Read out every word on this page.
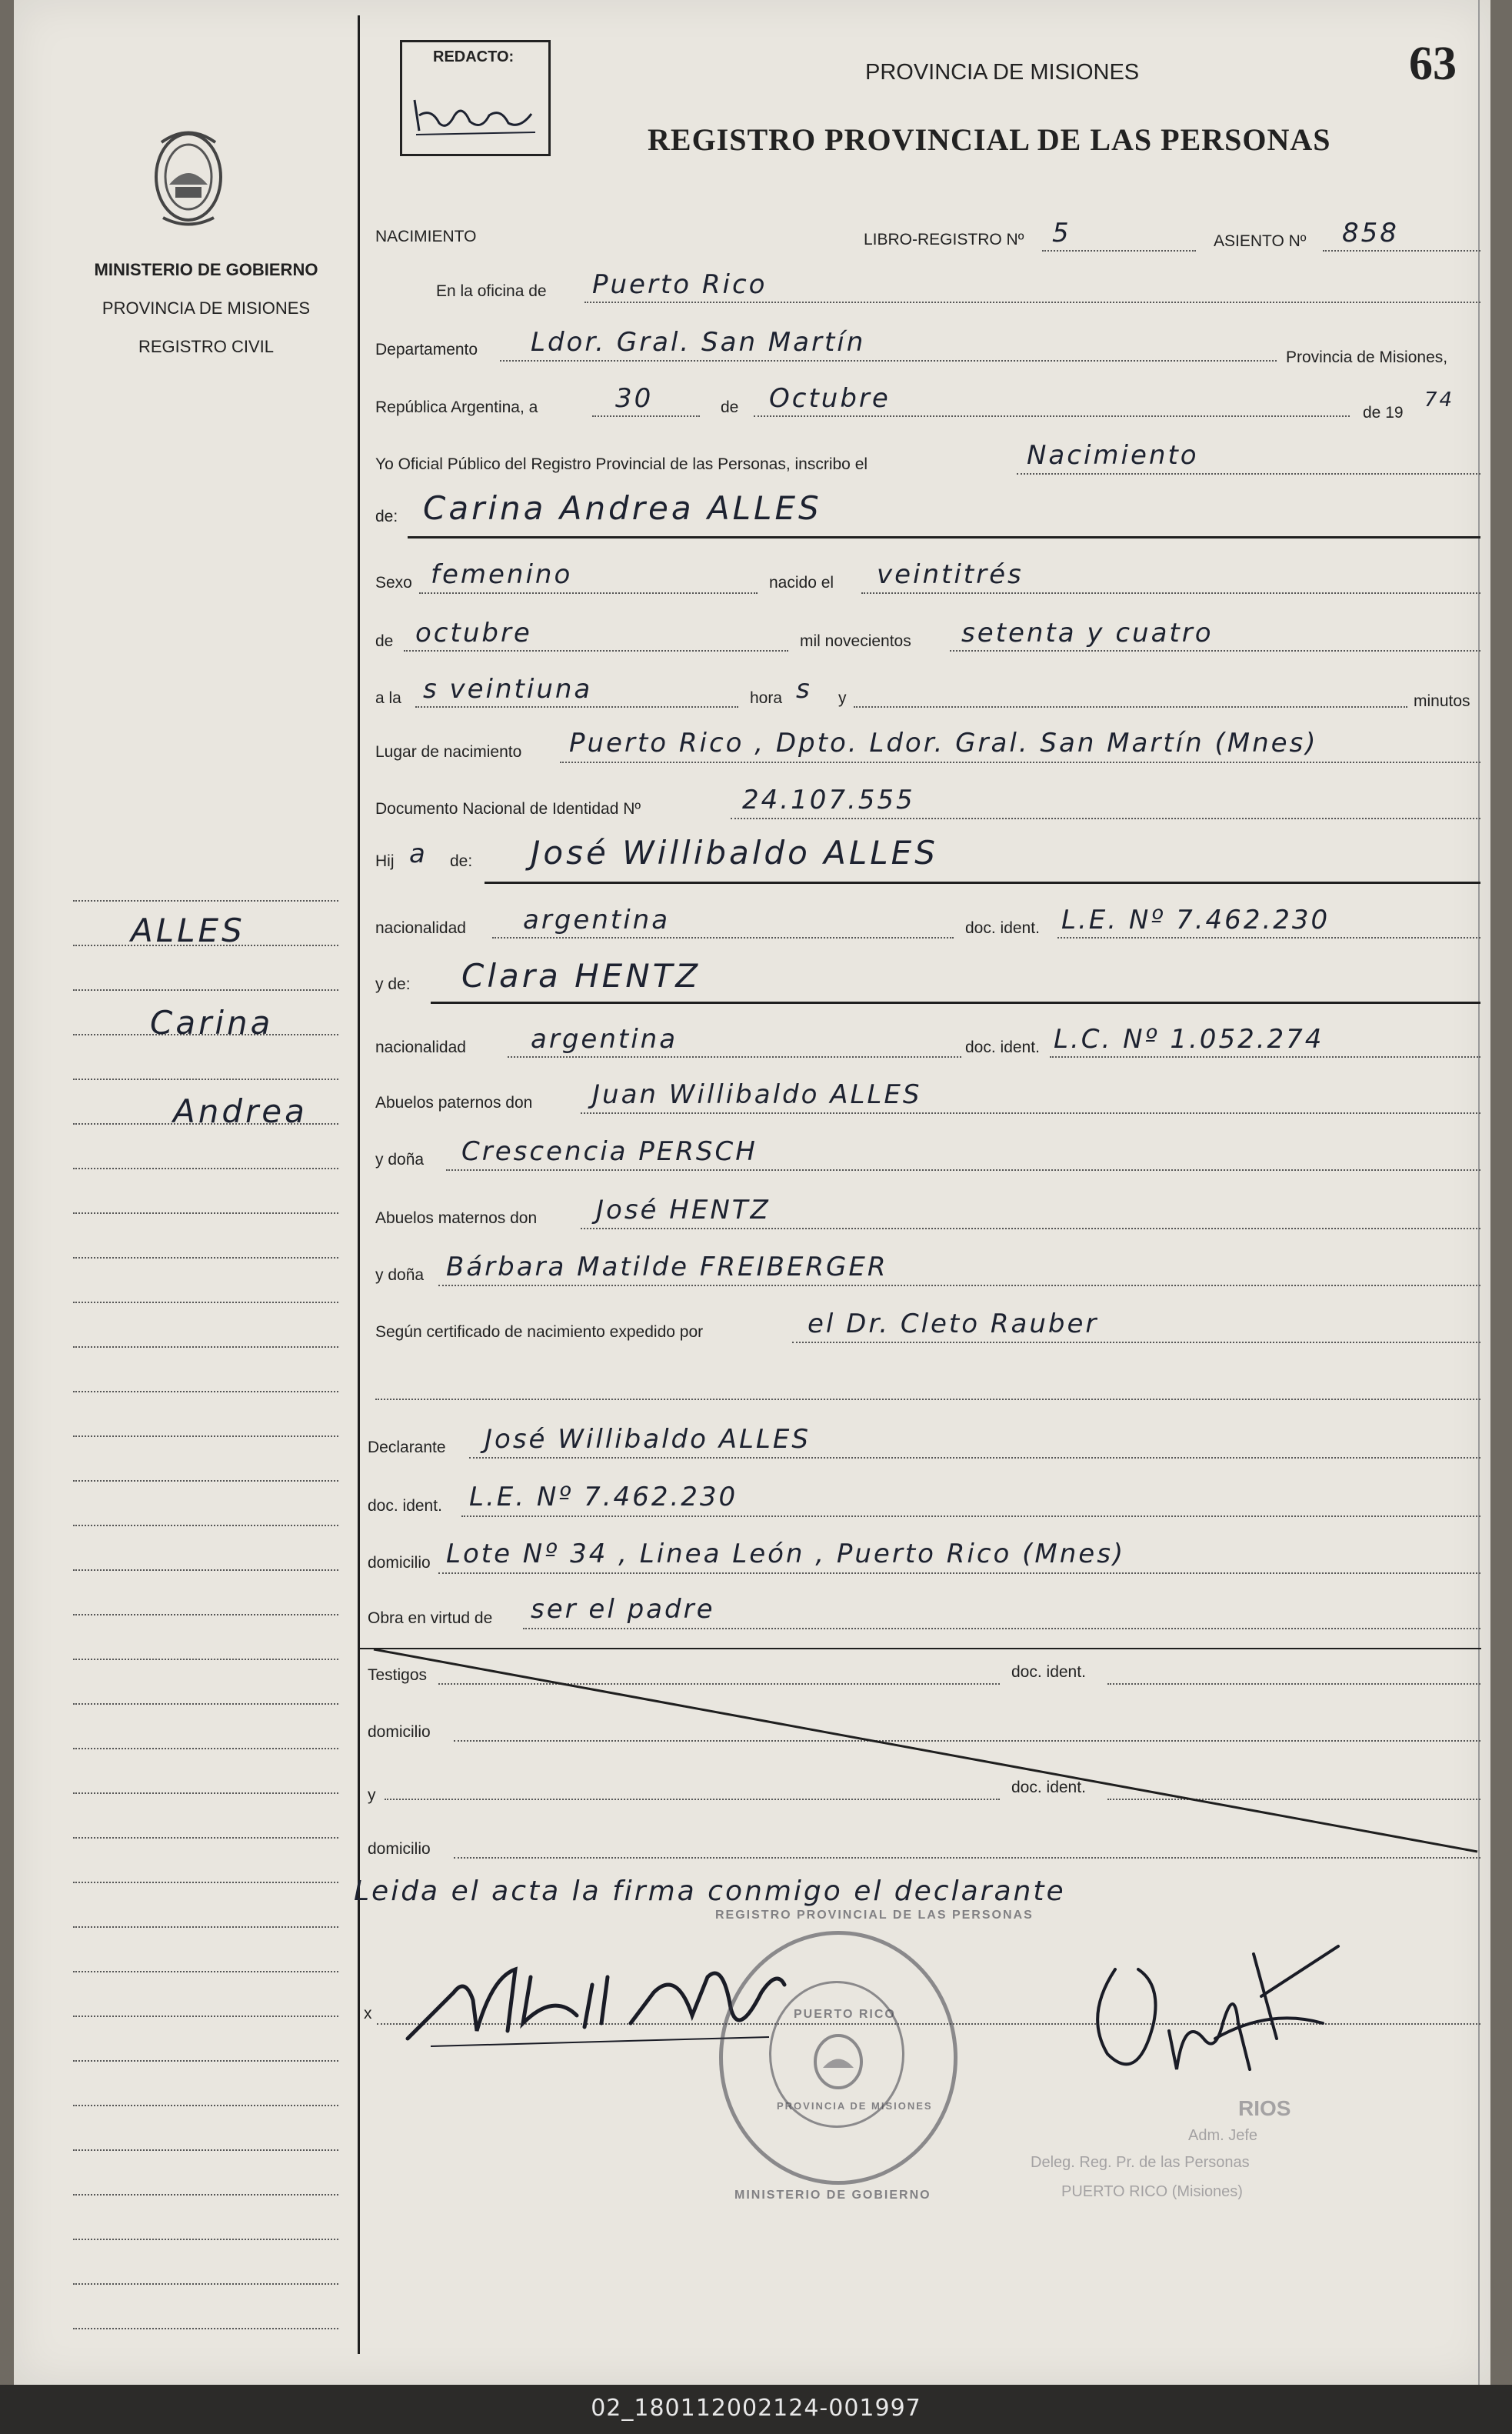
MINISTERIO DE GOBIERNO
PROVINCIA DE MISIONES
REGISTRO CIVIL
ALLES
Carina
Andrea
REDACTO:
PROVINCIA DE MISIONES
REGISTRO PROVINCIAL DE LAS PERSONAS
63
NACIMIENTO	LIBRO-REGISTRO Nº 5	ASIENTO Nº 858
En la oficina de Puerto Rico
Departamento Ldor. Gral. San Martín	Provincia de Misiones,
República Argentina, a	30	de Octubre	de 19
74
Yo Oficial Público del Registro Provincial de las Personas, inscribo el	Nacimiento
de: Carina Andrea ALLES
Sexo femenino	nacido el veintitrés
de octubre	mil novecientos setenta y cuatro
a la s veintiuna	hora s y	minutos
Lugar de nacimiento Puerto Rico , Dpto. Ldor. Gral. San Martín (Mnes)
Documento Nacional de Identidad Nº	24.107.555
Hij a de: José Willibaldo ALLES
nacionalidad argentina	doc. ident. L.E. Nº 7.462.230
y de: Clara HENTZ
nacionalidad argentina	doc. ident. L.C. Nº 1.052.274
Abuelos paternos don Juan Willibaldo ALLES
y doña Crescencia PERSCH
Abuelos maternos don José HENTZ
y doña Bárbara Matilde FREIBERGER
Según certificado de nacimiento expedido por	el Dr. Cleto Rauber
Declarante José Willibaldo ALLES
doc. ident. L.E. Nº 7.462.230
domicilio Lote Nº 34 , Linea León , Puerto Rico (Mnes)
Obra en virtud de ser el padre
Testigos	doc. ident.
domicilio
y	doc. ident.
domicilio
Leida el acta la firma conmigo el declarante
x
REGISTRO PROVINCIAL DE LAS PERSONAS
PUERTO RICO
PROVINCIA DE MISIONES
MINISTERIO DE GOBIERNO
RIOS
Adm. Jefe
Deleg. Reg. Pr. de las Personas
PUERTO RICO (Misiones)
02_180112002124-001997
